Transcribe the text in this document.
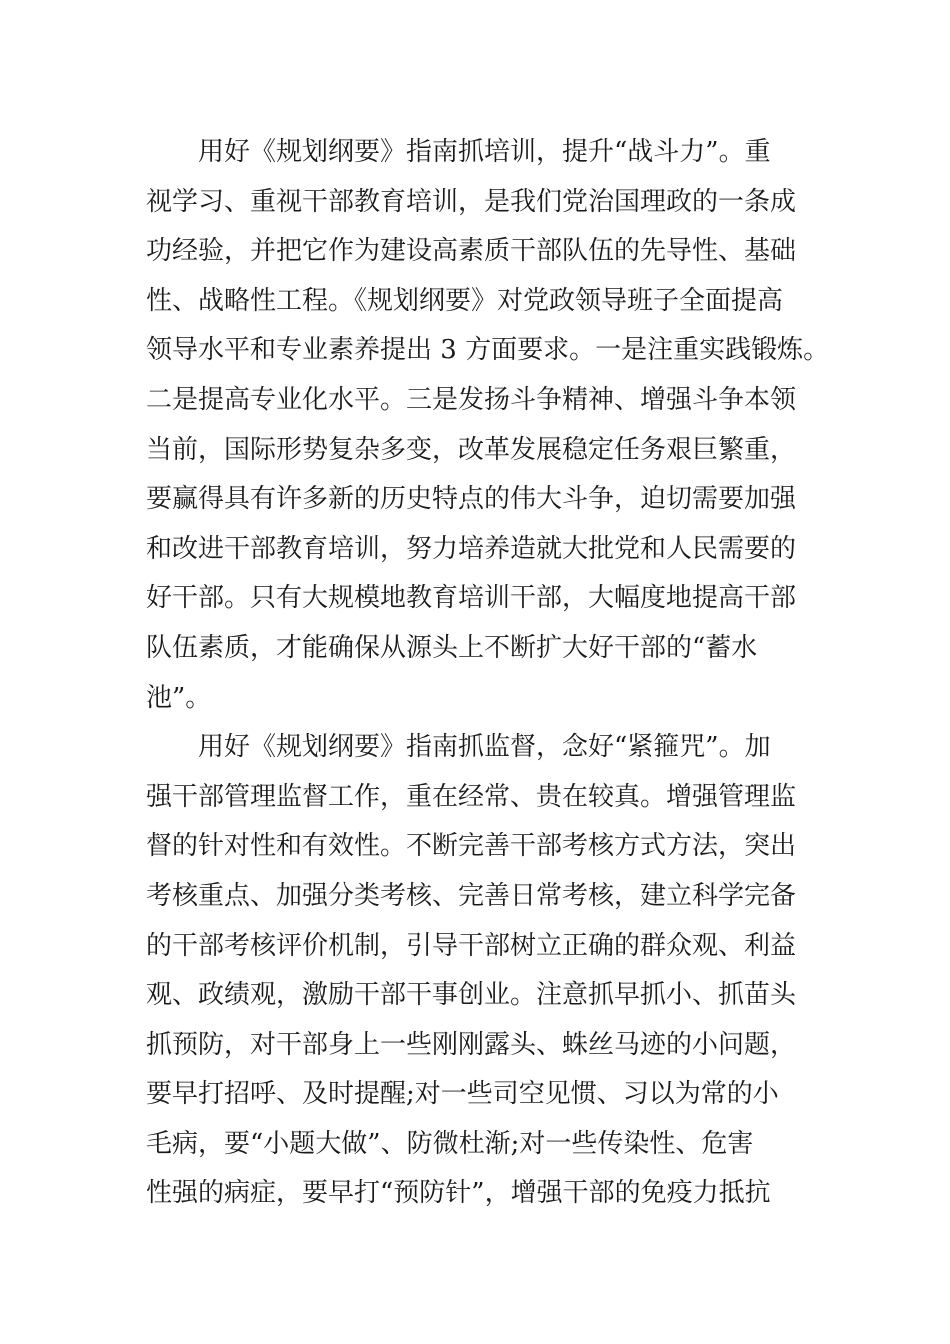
用好《规划纲要》指南抓培训，提升“战斗力”。重
视学习、重视干部教育培训，是我们党治国理政的一条成
功经验，并把它作为建设高素质干部队伍的先导性、基础
性、战略性工程。《规划纲要》对党政领导班子全面提高
领导水平和专业素养提出 3 方面要求。一是注重实践锻炼。
二是提高专业化水平。三是发扬斗争精神、增强斗争本领
当前，国际形势复杂多变，改革发展稳定任务艰巨繁重，
要赢得具有许多新的历史特点的伟大斗争，迫切需要加强
和改进干部教育培训，努力培养造就大批党和人民需要的
好干部。只有大规模地教育培训干部，大幅度地提高干部
队伍素质，才能确保从源头上不断扩大好干部的“蓄水
池”。
用好《规划纲要》指南抓监督，念好“紧箍咒”。加
强干部管理监督工作，重在经常、贵在较真。增强管理监
督的针对性和有效性。不断完善干部考核方式方法，突出
考核重点、加强分类考核、完善日常考核，建立科学完备
的干部考核评价机制，引导干部树立正确的群众观、利益
观、政绩观，激励干部干事创业。注意抓早抓小、抓苗头
抓预防，对干部身上一些刚刚露头、蛛丝马迹的小问题，
要早打招呼、及时提醒;对一些司空见惯、习以为常的小
毛病，要“小题大做”、防微杜渐;对一些传染性、危害
性强的病症，要早打“预防针”，增强干部的免疫力抵抗
